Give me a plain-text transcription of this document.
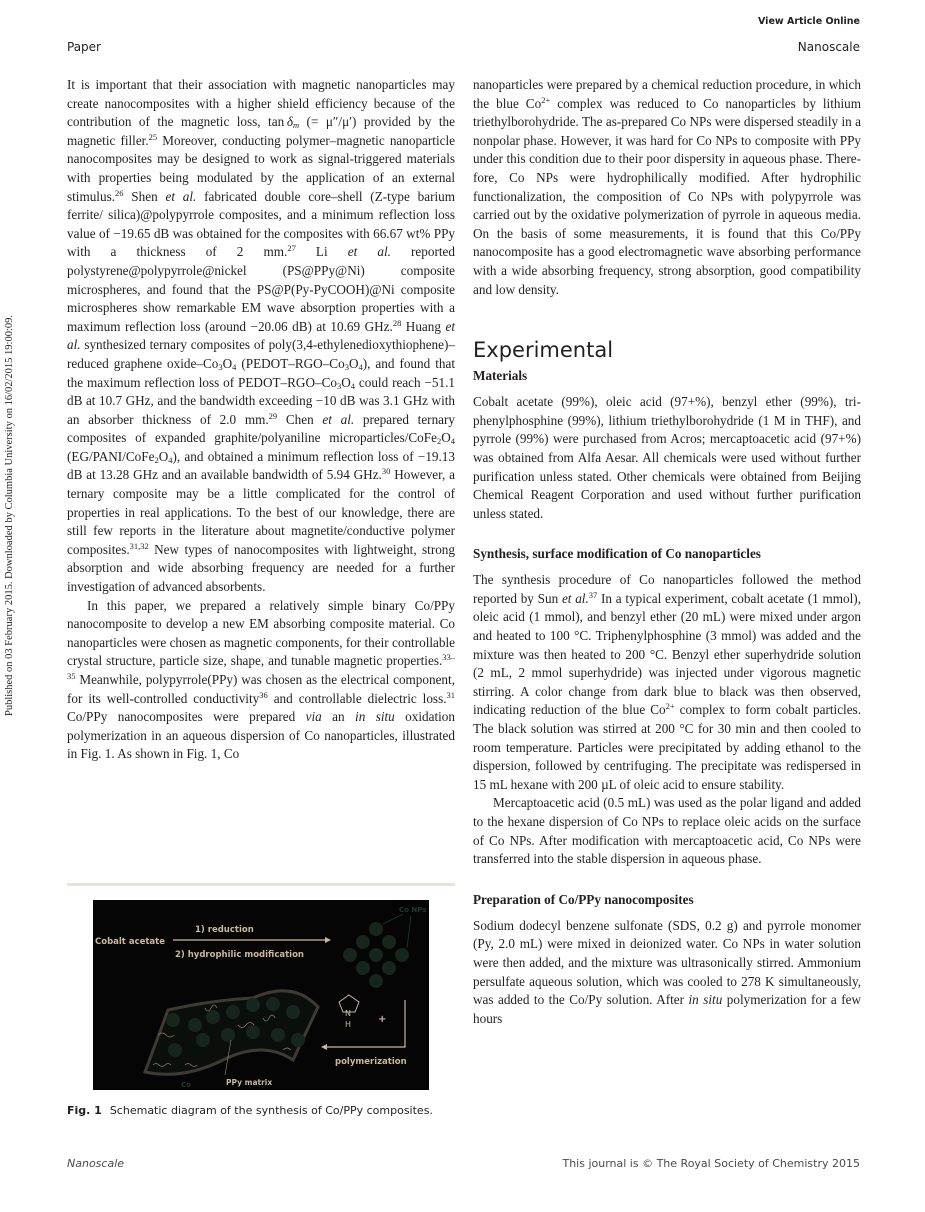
View Article Online
Paper	Nanoscale
Published on 03 February 2015. Downloaded by Columbia University on 16/02/2015 19:00:09.

It is important that their association with magnetic nanoparticles may create nanocomposites with a higher shield efficiency because of the contribution of the magnetic loss, $\tan \delta_m$ (= μ″/μ′) provided by the magnetic filler.$^{25}$ Moreover, conducting polymer–magnetic nanoparticle nanocomposites may be designed to work as signal-triggered materials with properties being modulated by the application of an external stimulus.$^{26}$ Shen et al. fabricated double core–shell (Z-type barium ferrite/ silica)@polypyrrole composites, and a minimum reflection loss value of −19.65 dB was obtained for the composites with 66.67 wt% PPy with a thickness of 2 mm.$^{27}$ Li et al. reported polystyrene@polypyrrole@nickel (PS@PPy@Ni) composite microspheres, and found that the PS@P(Py-PyCOOH)@Ni composite microspheres show remarkable EM wave absorption properties with a maximum reflection loss (around −20.06 dB) at 10.69 GHz.$^{28}$ Huang et al. synthesized ternary composites of poly(3,4-ethylenedioxythiophene)–reduced graphene oxide–$Co_3O_4$ $(PEDOT-RGO-Co_3O_4)$, and found that the maximum reflection loss of PEDOT–$RGO-Co_3O_4$ could reach −51.1 dB at 10.7 GHz, and the bandwidth exceeding −10 dB was 3.1 GHz with an absorber thickness of 2.0 mm.$^{29}$ Chen et al. prepared ternary composites of expanded graphite/polyaniline microparticles/$CoFe_2O_4$ $(EG/PANI/CoFe_2O_4)$, and obtained a minimum reflection loss of −19.13 dB at 13.28 GHz and an available bandwidth of 5.94 GHz.$^{30}$ However, a ternary composite may be a little complicated for the control of properties in real applications. To the best of our knowledge, there are still few reports in the literature about magnetite/conductive polymer composites.$^{31,32}$ New types of nanocomposites with lightweight, strong absorption and wide absorbing frequency are needed for a further investigation of advanced absorbents.

In this paper, we prepared a relatively simple binary Co/PPy nanocomposite to develop a new EM absorbing composite material. Co nanoparticles were chosen as magnetic components, for their controllable crystal structure, particle size, shape, and tunable magnetic properties.$^{33-35}$ Meanwhile, polypyrrole(PPy) was chosen as the electrical component, for its well-controlled conductivity$^{36}$ and controllable dielectric loss.$^{31}$ Co/PPy nanocomposites were prepared via an in situ oxidation polymerization in an aqueous dispersion of Co nanoparticles, illustrated in Fig. 1. As shown in Fig. 1, Co

Cobalt acetate
1) reduction
2) hydrophilic modification
polymerization
PPy matrix
+
Co NPs
Co
N
H
Fig. 1 Schematic diagram of the synthesis of Co/PPy composites.

nanoparticles were prepared by a chemical reduction procedure, in which the blue $Co^{2+}$ complex was reduced to Co nanoparticles by lithium triethylborohydride. The as-prepared Co NPs were dispersed steadily in a nonpolar phase. However, it was hard for Co NPs to composite with PPy under this condition due to their poor dispersity in aqueous phase. Therefore, Co NPs were hydrophilically modified. After hydrophilic functionalization, the composition of Co NPs with polypyrrole was carried out by the oxidative polymerization of pyrrole in aqueous media. On the basis of some measurements, it is found that this Co/PPy nanocomposite has a good electromagnetic wave absorbing performance with a wide absorbing frequency, strong absorption, good compatibility and low density.

Experimental
Materials

Cobalt acetate (99%), oleic acid (97+%), benzyl ether (99%), triphenylphosphine (99%), lithium triethylborohydride (1 M in THF), and pyrrole (99%) were purchased from Acros; mercaptoacetic acid (97+%) was obtained from Alfa Aesar. All chemicals were used without further purification unless stated. Other chemicals were obtained from Beijing Chemical Reagent Corporation and used without further purification unless stated.

Synthesis, surface modification of Co nanoparticles

The synthesis procedure of Co nanoparticles followed the method reported by Sun et al.$^{37}$ In a typical experiment, cobalt acetate (1 mmol), oleic acid (1 mmol), and benzyl ether (20 mL) were mixed under argon and heated to 100 °C. Triphenylphosphine (3 mmol) was added and the mixture was then heated to 200 °C. Benzyl ether superhydride solution (2 mL, 2 mmol superhydride) was injected under vigorous magnetic stirring. A color change from dark blue to black was then observed, indicating reduction of the blue $Co^{2+}$ complex to form cobalt particles. The black solution was stirred at 200 °C for 30 min and then cooled to room temperature. Particles were precipitated by adding ethanol to the dispersion, followed by centrifuging. The precipitate was redispersed in 15 mL hexane with 200 µL of oleic acid to ensure stability.

Mercaptoacetic acid (0.5 mL) was used as the polar ligand and added to the hexane dispersion of Co NPs to replace oleic acids on the surface of Co NPs. After modification with mercaptoacetic acid, Co NPs were transferred into the stable dispersion in aqueous phase.

Preparation of Co/PPy nanocomposites

Sodium dodecyl benzene sulfonate (SDS, 0.2 g) and pyrrole monomer (Py, 2.0 mL) were mixed in deionized water. Co NPs in water solution were then added, and the mixture was ultrasonically stirred. Ammonium persulfate aqueous solution, which was cooled to 278 K simultaneously, was added to the Co/Py solution. After in situ polymerization for a few hours

Nanoscale	This journal is © The Royal Society of Chemistry 2015
